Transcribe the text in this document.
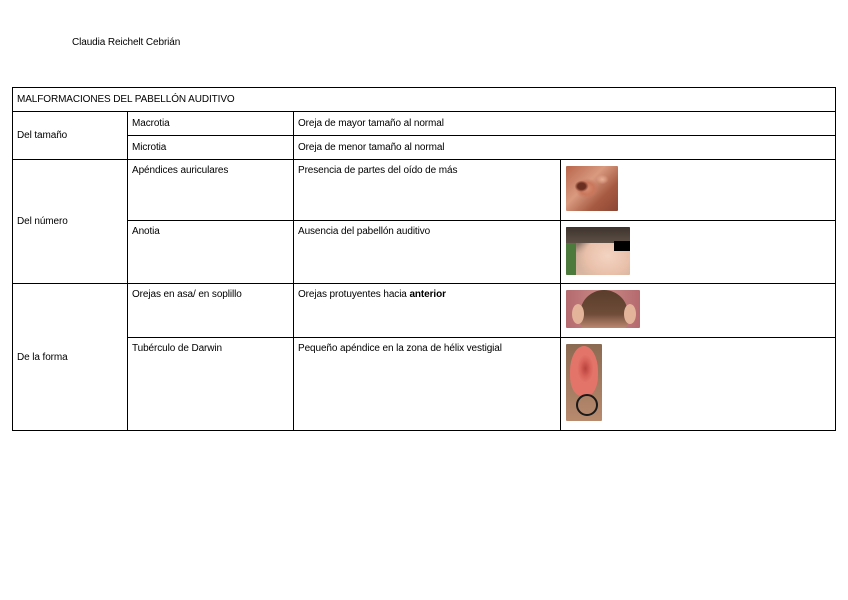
Claudia Reichelt Cebrián
MALFORMACIONES DEL PABELLÓN AUDITIVO			
Del tamaño	Macrotia	Oreja de mayor tamaño al normal	
	Microtia	Oreja de menor tamaño al normal	
Del número	Apéndices auriculares	Presencia de partes del oído de más	

	Anotia	Ausencia del pabellón auditivo	

De la forma	Orejas en asa/ en soplillo	Orejas protuyentes hacia anterior	

	Tubérculo de Darwin	Pequeño apéndice en la zona de hélix vestigial	
